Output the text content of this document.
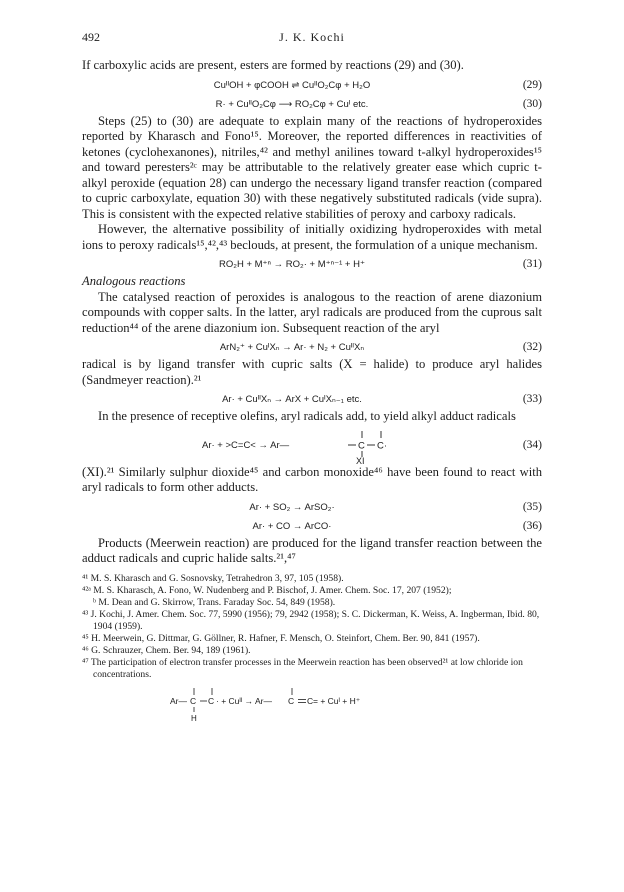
492	J. K. Kochi

If carboxylic acids are present, esters are formed by reactions (29) and (30).

CuᴵᴵOH + φCOOH ⇌ CuᴵᴵO₂Cφ + H₂O	(29)
R· + CuᴵᴵO₂Cφ ⟶ RO₂Cφ + Cuᴵ etc.	(30)

Steps (25) to (30) are adequate to explain many of the reactions of hydroperoxides reported by Kharasch and Fono¹⁵. Moreover, the reported differences in reactivities of ketones (cyclohexanones), nitriles,⁴² and methyl anilines toward t-alkyl hydroperoxides¹⁵ and toward peresters²ᶜ may be attributable to the relatively greater ease which cupric t-alkyl peroxide (equation 28) can undergo the necessary ligand transfer reaction (compared to cupric carboxylate, equation 30) with these negatively substituted radicals (vide supra). This is consistent with the expected relative stabilities of peroxy and carboxy radicals.

However, the alternative possibility of initially oxidizing hydroperoxides with metal ions to peroxy radicals¹⁵,⁴²,⁴³ beclouds, at present, the formulation of a unique mechanism.

RO₂H + M⁺ⁿ → RO₂· + M⁺ⁿ⁻¹ + H⁺	(31)

Analogous reactions

The catalysed reaction of peroxides is analogous to the reaction of arene diazonium compounds with copper salts. In the latter, aryl radicals are produced from the cuprous salt reduction⁴⁴ of the arene diazonium ion. Subsequent reaction of the aryl

ArN₂⁺ + CuᴵXₙ → Ar· + N₂ + CuᴵᴵXₙ	(32)

radical is by ligand transfer with cupric salts (X = halide) to produce aryl halides (Sandmeyer reaction).²¹

Ar· + CuᴵᴵXₙ → ArX + CuᴵXₙ₋₁ etc.	(33)

In the presence of receptive olefins, aryl radicals add, to yield alkyl adduct radicals

Ar· + >C=C< → Ar—	C C·
XI
(34)

(XI).²¹ Similarly sulphur dioxide⁴⁵ and carbon monoxide⁴⁶ have been found to react with aryl radicals to form other adducts.

Ar· + SO₂ → ArSO₂·	(35)
Ar· + CO → ArCO·	(36)

Products (Meerwein reaction) are produced for the ligand transfer reaction between the adduct radicals and cupric halide salts.²¹,⁴⁷

⁴¹ M. S. Kharasch and G. Sosnovsky, Tetrahedron 3, 97, 105 (1958).
⁴²ᵃ M. S. Kharasch, A. Fono, W. Nudenberg and P. Bischof, J. Amer. Chem. Soc. 17, 207 (1952);
ᵇ M. Dean and G. Skirrow, Trans. Faraday Soc. 54, 849 (1958).
⁴³ J. Kochi, J. Amer. Chem. Soc. 77, 5990 (1956); 79, 2942 (1958); S. C. Dickerman, K. Weiss, A. Ingberman, Ibid. 80, 1904 (1959).
⁴⁵ H. Meerwein, G. Dittmar, G. Göllner, R. Hafner, F. Mensch, O. Steinfort, Chem. Ber. 90, 841 (1957).
⁴⁶ G. Schrauzer, Chem. Ber. 94, 189 (1961).
⁴⁷ The participation of electron transfer processes in the Meerwein reaction has been observed²¹ at low chloride ion concentrations.
Ar— C
H
C · + Cuᴵᴵ → Ar— C C = + Cuᴵ + H⁺
